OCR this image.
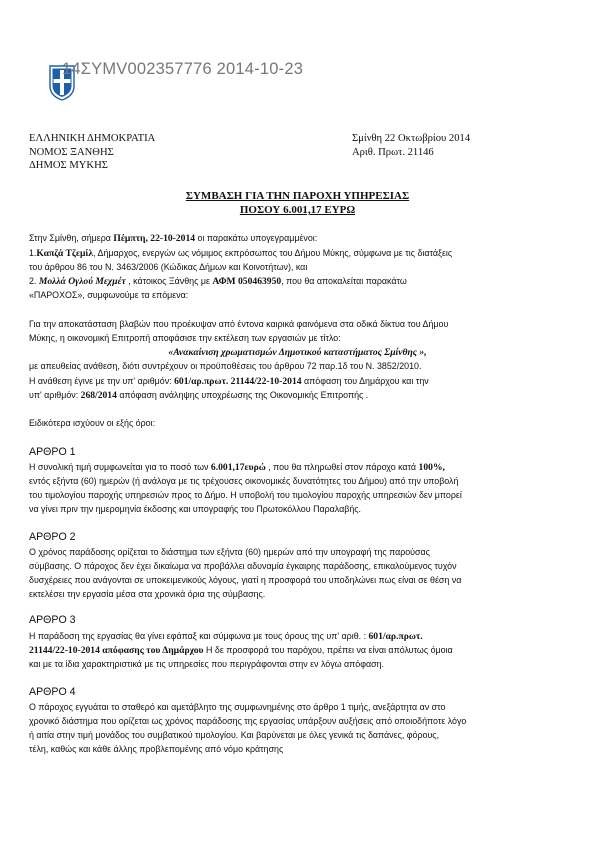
14ΣΥΜV002357776 2014-10-23
ΕΛΛΗΝΙΚΗ ΔΗΜΟΚΡΑΤΙΑ
ΝΟΜΟΣ ΞΑΝΘΗΣ
ΔΗΜΟΣ ΜΥΚΗΣ
Σμίνθη 22 Οκτωβρίου 2014
Αριθ. Πρωτ. 21146
ΣΥΜΒΑΣΗ ΓΙΑ ΤΗΝ ΠΑΡΟΧΗ ΥΠΗΡΕΣΙΑΣ
ΠΟΣΟΥ 6.001,17 ΕΥΡΩ
Στην Σμίνθη, σήμερα Πέμπτη, 22-10-2014 οι παρακάτω υπογεγραμμένοι:
1.Καπζά Τζεμίλ, Δήμαρχος, ενεργών ως νόμιμος εκπρόσωπος του Δήμου Μύκης, σύμφωνα με τις διατάξεις
του άρθρου 86 του Ν. 3463/2006 (Κώδικας Δήμων και Κοινοτήτων), και
2. Μολλά Ογλού Μεχμέτ , κάτοικος Ξάνθης με ΑΦΜ 050463950, που θα αποκαλείται παρακάτω
«ΠΑΡΟΧΟΣ», συμφωνούμε τα επόμενα:
Για την αποκατάσταση βλαβών που προέκυψαν από έντονα καιρικά φαινόμενα στα οδικά δίκτυα του Δήμου
Μύκης, η οικονομική Επιτροπή αποφάσισε την εκτέλεση των εργασιών με τίτλο:
«Ανακαίνιση χρωματισμών Δημοτικού καταστήματος Σμίνθης »,
με απευθείας ανάθεση, διότι συντρέχουν οι προϋποθέσεις του άρθρου 72 παρ.1δ του Ν. 3852/2010.
Η ανάθεση έγινε με την υπ' αριθμόν: 601/αρ.πρωτ. 21144/22-10-2014 απόφαση του Δημάρχου και την
υπ' αριθμόν: 268/2014 απόφαση ανάληψης υποχρέωσης της Οικονομικής Επιτροπής .
Ειδικότερα ισχύουν οι εξής όροι:
ΑΡΘΡΟ 1
Η συνολική τιμή συμφωνείται για το ποσό των 6.001,17ευρώ , που θα πληρωθεί στον πάροχο κατά 100%,
εντός εξήντα (60) ημερών (ή ανάλογα με τις τρέχουσες οικονομικές δυνατότητες του Δήμου) από την υποβολή
του τιμολογίου παροχής υπηρεσιών προς το Δήμο. Η υποβολή του τιμολογίου παροχής υπηρεσιών δεν μπορεί
να γίνει πριν την ημερομηνία έκδοσης και υπογραφής του Πρωτοκόλλου Παραλαβής.
ΑΡΘΡΟ 2
Ο χρόνος παράδοσης ορίζεται το διάστημα των εξήντα (60) ημερών από την υπογραφή της παρούσας
σύμβασης. Ο πάροχος δεν έχει δικαίωμα να προβάλλει αδυναμία έγκαιρης παράδοσης, επικαλούμενος τυχόν
δυσχέρειες που ανάγονται σε υποκειμενικούς λόγους, γιατί η προσφορά του υποδηλώνει πως είναι σε θέση να
εκτελέσει την εργασία μέσα στα χρονικά όρια της σύμβασης.
ΑΡΘΡΟ 3
Η παράδοση της εργασίας θα γίνει εφάπαξ και σύμφωνα με τους όρους της υπ' αριθ. : 601/αρ.πρωτ.
21144/22-10-2014 απόφασης του Δημάρχου Η δε προσφορά του παρόχου, πρέπει να είναι απόλυτως όμοια
και με τα ίδια χαρακτηριστικά με τις υπηρεσίες που περιγράφονται στην εν λόγω απόφαση.
ΑΡΘΡΟ 4
Ο πάροχος εγγυάται το σταθερό και αμετάβλητο της συμφωνημένης στο άρθρο 1 τιμής, ανεξάρτητα αν στο
χρονικό διάστημα που ορίζεται ως χρόνος παράδοσης της εργασίας υπάρξουν αυξήσεις από οποιοδήποτε λόγο
ή αιτία στην τιμή μονάδος του συμβατικού τιμολογίου. Και βαρύνεται με όλες γενικά τις δαπάνες, φόρους,
τέλη, καθώς και κάθε άλλης προβλεπομένης από νόμο κράτησης
